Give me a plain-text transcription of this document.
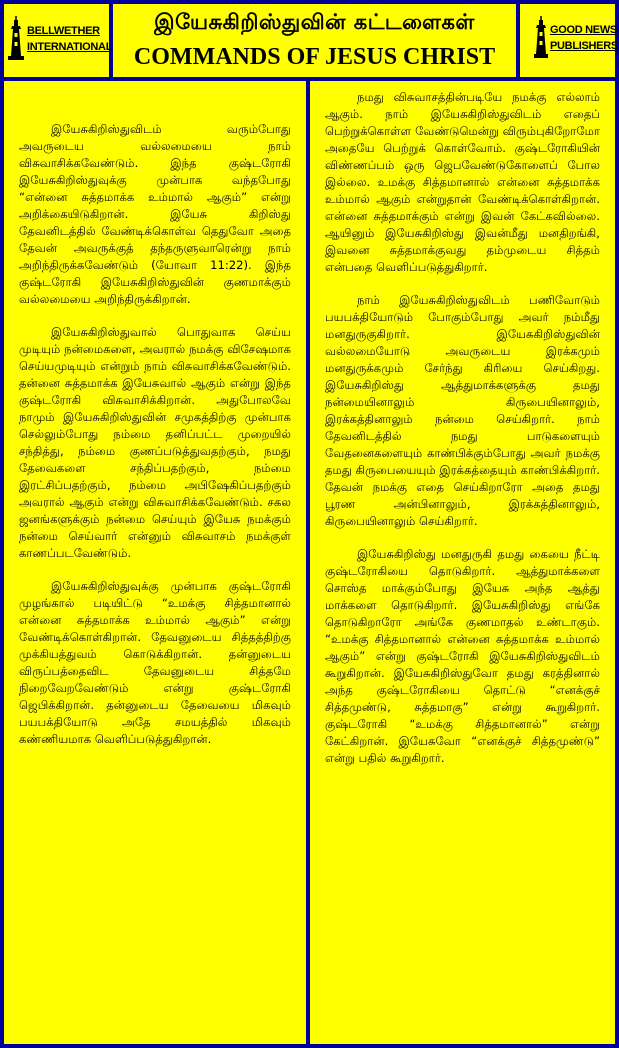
BELLWETHER
INTERNATIONAL
இயேசுகிறிஸ்துவின் கட்டளைகள்
COMMANDS OF JESUS CHRIST
GOOD NEWS
PUBLISHERS

இயேசுகிறிஸ்துவிடம் வரும்போது அவருடைய வல்லமையை நாம் விசுவாசிக்கவேண்டும். இந்த குஷ்டரோகி இயேசுகிறிஸ்துவுக்கு முன்பாக வந்தபோது “என்னை சுத்தமாக்க உம்மால் ஆகும்” என்று அறிக்கையிடுகிறான். இயேசு கிறிஸ்து தேவனிடத்தில் வேண்டிக்கொள்வ தெதுவோ அதை தேவன் அவருக்குத் தந்தருளுவாரென்று நாம் அறிந்திருக்கவேண்டும் (யோவா 11:22). இந்த குஷ்டரோகி இயேசுகிறிஸ்துவின் குணமாக்கும் வல்லமையை அறிந்திருக்கிறான்.

இயேசுகிறிஸ்துவால் பொதுவாக செய்ய முடியும் நன்மைகளை, அவரால் நமக்கு விசேஷமாக செய்யமுடியும் என்றும் நாம் விசுவாசிக்கவேண்டும். தன்னை சுத்தமாக்க இயேசுவால் ஆகும் என்று இந்த குஷ்டரோகி விசுவாசிக்கிறான். அதுபோலவே நாமும் இயேசுகிறிஸ்துவின் சமுகத்திற்கு முன்பாக செல்லும்போது நம்மை தனிப்பட்ட முறையில் சந்தித்து, நம்மை குணப்படுத்துவதற்கும், நமது தேவைகளை சந்திப்பதற்கும், நம்மை இரட்சிப்பதற்கும், நம்மை அபிஷேகிப்பதற்கும் அவரால் ஆகும் என்று விசுவாசிக்கவேண்டும். சகல ஜனங்களுக்கும் நன்மை செய்யும் இயேசு நமக்கும் நன்மை செய்வார் என்னும் விசுவாசம் நமக்குள் காணப்படவேண்டும்.

இயேசுகிறிஸ்துவுக்கு முன்பாக குஷ்டரோகி முழங்கால் படியிட்டு “உமக்கு சித்தமானால் என்னை சுத்தமாக்க உம்மால் ஆகும்” என்று வேண்டிக்கொள்கிறான். தேவனுடைய சித்தத்திற்கு முக்கியத்துவம் கொடுக்கிறான். தன்னுடைய விருப்பத்தைவிட தேவனுடைய சித்தமே நிறைவேறவேண்டும் என்று குஷ்டரோகி ஜெபிக்கிறான். தன்னுடைய தேவையை மிகவும் பயபக்தியோடு அதே சமயத்தில் மிகவும் கண்ணியமாக வெளிப்படுத்துகிறான்.

நமது விசுவாசத்தின்படியே நமக்கு எல்லாம் ஆகும். நாம் இயேசுகிறிஸ்துவிடம் எதைப் பெற்றுக்கொள்ள வேண்டுமென்று விரும்புகிறோமோ அதையே பெற்றுக் கொள்வோம். குஷ்டரோகியின் விண்ணப்பம் ஒரு ஜெபவேண்டுகோளைப் போல இல்லை. உமக்கு சித்தமானால் என்னை சுத்தமாக்க உம்மால் ஆகும் என்றுதான் வேண்டிக்கொள்கிறான். என்னை சுத்தமாக்கும் என்று இவன் கேட்கவில்லை. ஆயினும் இயேசுகிறிஸ்து இவன்மீது மனதிறங்கி, இவனை சுத்தமாக்குவது தம்முடைய சித்தம் என்பதை வெளிப்படுத்துகிறார்.

நாம் இயேசுகிறிஸ்துவிடம் பணிவோடும் பயபக்தியோடும் போகும்போது அவர் நம்மீது மனதுருகுகிறார். இயேசுகிறிஸ்துவின் வல்லமையோடு அவருடைய இரக்கமும் மனதுருக்கமும் சேர்ந்து கிரியை செய்கிறது. இயேசுகிறிஸ்து ஆத்துமாக்களுக்கு தமது நன்மையினாலும் கிருபையினாலும், இரக்கத்தினாலும் நன்மை செய்கிறார். நாம் தேவனிடத்தில் நமது பாடுகளையும் வேதனைகளையும் காண்பிக்கும்போது அவர் நமக்கு தமது கிருபையையும் இரக்கத்தையும் காண்பிக்கிறார். தேவன் நமக்கு எதை செய்கிறாரோ அதை தமது பூரண அன்பினாலும், இரக்கத்தினாலும், கிருபையினாலும் செய்கிறார்.

இயேசுகிறிஸ்து மனதுருகி தமது கையை நீட்டி குஷ்டரோகியை தொடுகிறார். ஆத்துமாக்களை சொஸ்த மாக்கும்போது இயேசு அந்த ஆத்து மாக்களை தொடுகிறார். இயேசுகிறிஸ்து எங்கே தொடுகிறாரோ அங்கே குணமாதல் உண்டாகும். “உமக்கு சித்தமானால் என்னை சுத்தமாக்க உம்மால் ஆகும்” என்று குஷ்டரோகி இயேசுகிறிஸ்துவிடம் கூறுகிறான். இயேசுகிறிஸ்துவோ தமது கரத்தினால் அந்த குஷ்டரோகியை தொட்டு “எனக்குச் சித்தமுண்டு, சுத்தமாகு” என்று கூறுகிறார். குஷ்டரோகி “உமக்கு சித்தமானால்” என்று கேட்கிறான். இயேசுவோ “எனக்குச் சித்தமுண்டு” என்று பதில் கூறுகிறார்.
